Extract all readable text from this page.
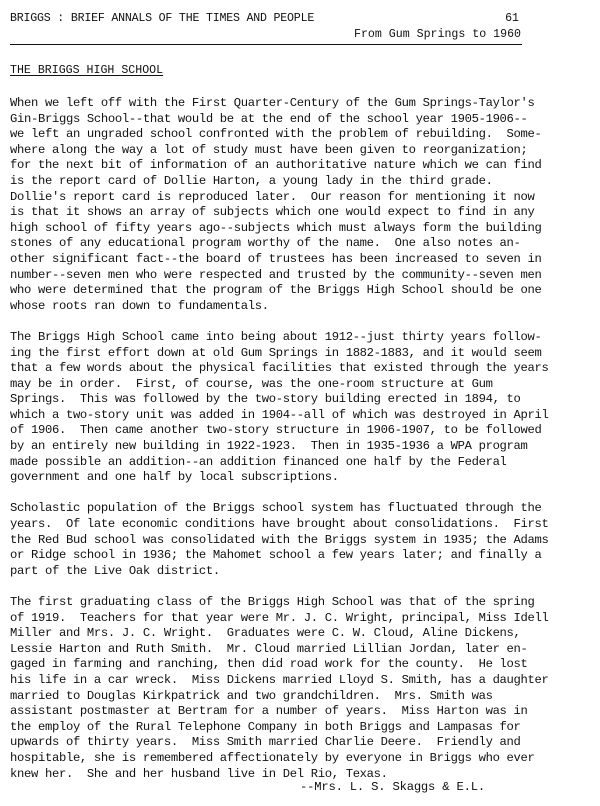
BRIGGS : BRIEF ANNALS OF THE TIMES AND PEOPLE	61
From Gum Springs to 1960
THE BRIGGS HIGH SCHOOL
When we left off with the First Quarter-Century of the Gum Springs-Taylor's
Gin-Briggs School--that would be at the end of the school year 1905-1906--
we left an ungraded school confronted with the problem of rebuilding.  Some-
where along the way a lot of study must have been given to reorganization;
for the next bit of information of an authoritative nature which we can find
is the report card of Dollie Harton, a young lady in the third grade.
Dollie's report card is reproduced later.  Our reason for mentioning it now
is that it shows an array of subjects which one would expect to find in any
high school of fifty years ago--subjects which must always form the building
stones of any educational program worthy of the name.  One also notes an-
other significant fact--the board of trustees has been increased to seven in
number--seven men who were respected and trusted by the community--seven men
who were determined that the program of the Briggs High School should be one
whose roots ran down to fundamentals.
The Briggs High School came into being about 1912--just thirty years follow-
ing the first effort down at old Gum Springs in 1882-1883, and it would seem
that a few words about the physical facilities that existed through the years
may be in order.  First, of course, was the one-room structure at Gum
Springs.  This was followed by the two-story building erected in 1894, to
which a two-story unit was added in 1904--all of which was destroyed in April
of 1906.  Then came another two-story structure in 1906-1907, to be followed
by an entirely new building in 1922-1923.  Then in 1935-1936 a WPA program
made possible an addition--an addition financed one half by the Federal
government and one half by local subscriptions.
Scholastic population of the Briggs school system has fluctuated through the
years.  Of late economic conditions have brought about consolidations.  First
the Red Bud school was consolidated with the Briggs system in 1935; the Adams
or Ridge school in 1936; the Mahomet school a few years later; and finally a
part of the Live Oak district.
The first graduating class of the Briggs High School was that of the spring
of 1919.  Teachers for that year were Mr. J. C. Wright, principal, Miss Idell
Miller and Mrs. J. C. Wright.  Graduates were C. W. Cloud, Aline Dickens,
Lessie Harton and Ruth Smith.  Mr. Cloud married Lillian Jordan, later en-
gaged in farming and ranching, then did road work for the county.  He lost
his life in a car wreck.  Miss Dickens married Lloyd S. Smith, has a daughter
married to Douglas Kirkpatrick and two grandchildren.  Mrs. Smith was
assistant postmaster at Bertram for a number of years.  Miss Harton was in
the employ of the Rural Telephone Company in both Briggs and Lampasas for
upwards of thirty years.  Miss Smith married Charlie Deere.  Friendly and
hospitable, she is remembered affectionately by everyone in Briggs who ever
knew her.  She and her husband live in Del Rio, Texas.
--Mrs. L. S. Skaggs & E.L.
